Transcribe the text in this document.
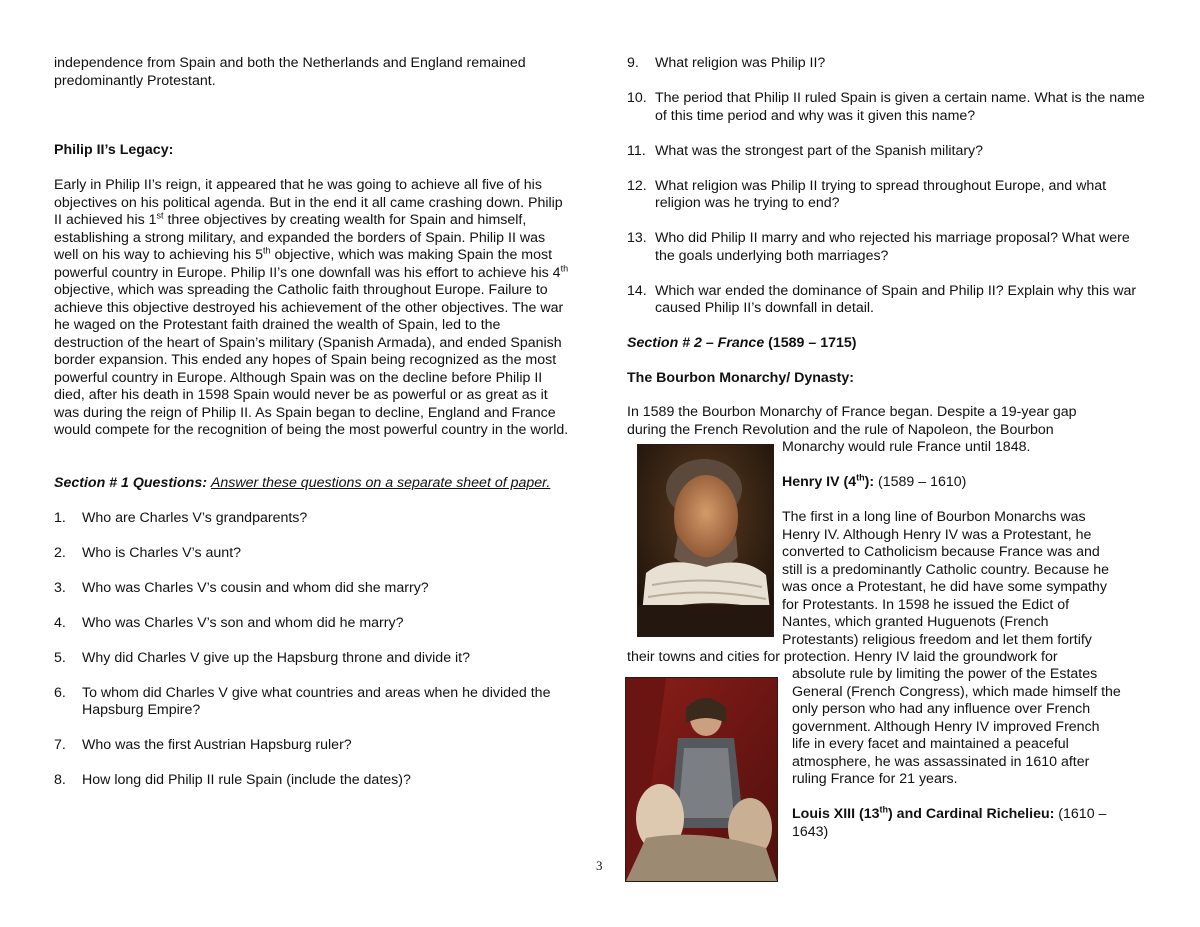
independence from Spain and both the Netherlands and England remained predominantly Protestant.

Philip II’s Legacy:

Early in Philip II’s reign, it appeared that he was going to achieve all five of his objectives on his political agenda. But in the end it all came crashing down. Philip II achieved his 1st three objectives by creating wealth for Spain and himself, establishing a strong military, and expanded the borders of Spain. Philip II was well on his way to achieving his 5th objective, which was making Spain the most powerful country in Europe. Philip II’s one downfall was his effort to achieve his 4th objective, which was spreading the Catholic faith throughout Europe. Failure to achieve this objective destroyed his achievement of the other objectives. The war he waged on the Protestant faith drained the wealth of Spain, led to the destruction of the heart of Spain’s military (Spanish Armada), and ended Spanish border expansion. This ended any hopes of Spain being recognized as the most powerful country in Europe. Although Spain was on the decline before Philip II died, after his death in 1598 Spain would never be as powerful or as great as it was during the reign of Philip II. As Spain began to decline, England and France would compete for the recognition of being the most powerful country in the world.

Section # 1 Questions: Answer these questions on a separate sheet of paper.

1. Who are Charles V’s grandparents?
2. Who is Charles V’s aunt?
3. Who was Charles V’s cousin and whom did she marry?
4. Who was Charles V’s son and whom did he marry?
5. Why did Charles V give up the Hapsburg throne and divide it?
6. To whom did Charles V give what countries and areas when he divided the Hapsburg Empire?
7. Who was the first Austrian Hapsburg ruler?
8. How long did Philip II rule Spain (include the dates)?
9. What religion was Philip II?
10. The period that Philip II ruled Spain is given a certain name. What is the name of this time period and why was it given this name?
11. What was the strongest part of the Spanish military?
12. What religion was Philip II trying to spread throughout Europe, and what religion was he trying to end?
13. Who did Philip II marry and who rejected his marriage proposal? What were the goals underlying both marriages?
14. Which war ended the dominance of Spain and Philip II? Explain why this war caused Philip II’s downfall in detail.

Section # 2 – France (1589 – 1715)

The Bourbon Monarchy/ Dynasty:

In 1589 the Bourbon Monarchy of France began. Despite a 19-year gap

during the French Revolution and the rule of Napoleon, the Bourbon

Monarchy would rule France until 1848.

Henry IV (4th): (1589 – 1610)

The first in a long line of Bourbon Monarchs was

Henry IV. Although Henry IV was a Protestant, he

converted to Catholicism because France was and

still is a predominantly Catholic country. Because he

was once a Protestant, he did have some sympathy

for Protestants. In 1598 he issued the Edict of

Nantes, which granted Huguenots (French

Protestants) religious freedom and let them fortify

their towns and cities for protection. Henry IV laid the groundwork for

absolute rule by limiting the power of the Estates

General (French Congress), which made himself the

only person who had any influence over French

government. Although Henry IV improved French

life in every facet and maintained a peaceful

atmosphere, he was assassinated in 1610 after

ruling France for 21 years.

Louis XIII (13th) and Cardinal Richelieu: (1610 –

1643)

3
